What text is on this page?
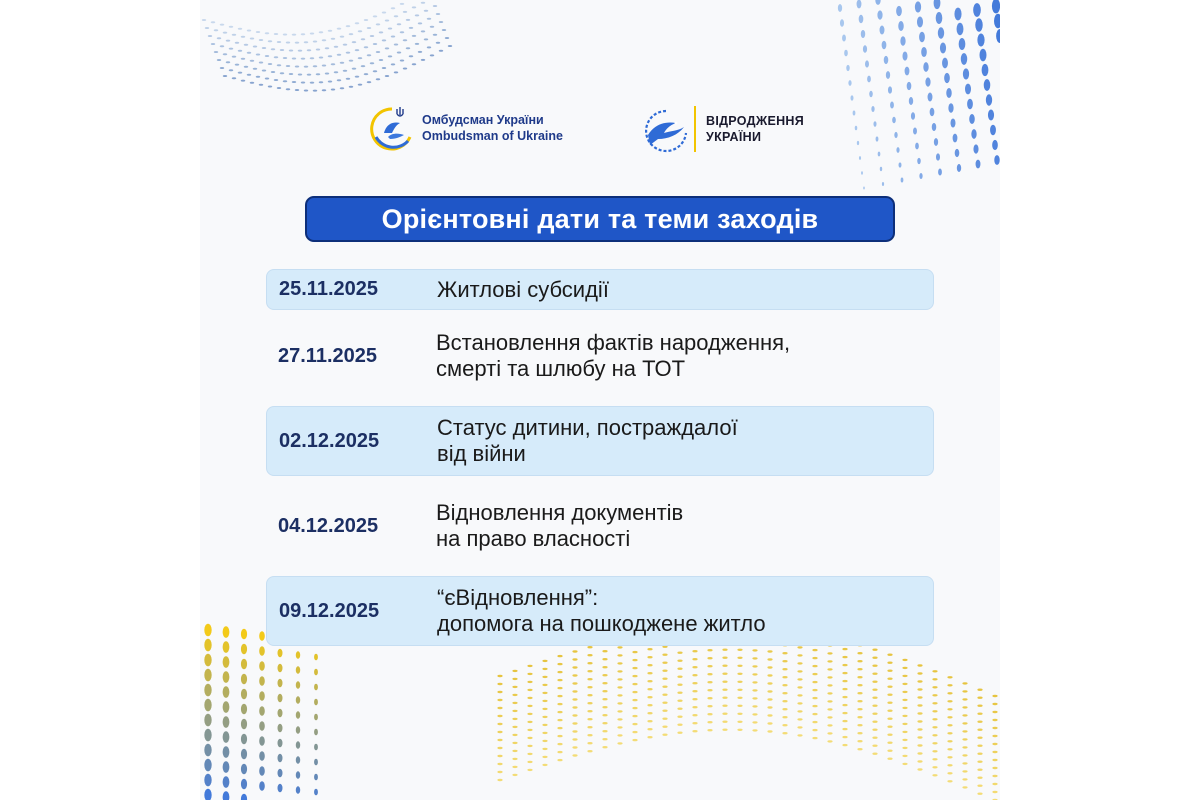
Омбудсман України
Ombudsman of Ukraine
ВІДРОДЖЕННЯ
УКРАЇНИ
Орієнтовні дати та теми заходів
25.11.2025	Житлові субсидії
27.11.2025
Встановлення фактів народження,
смерті та шлюбу на ТОТ
02.12.2025
Статус дитини, постраждалої
від війни
04.12.2025
Відновлення документів
на право власності
09.12.2025
“єВідновлення”:
допомога на пошкоджене житло
